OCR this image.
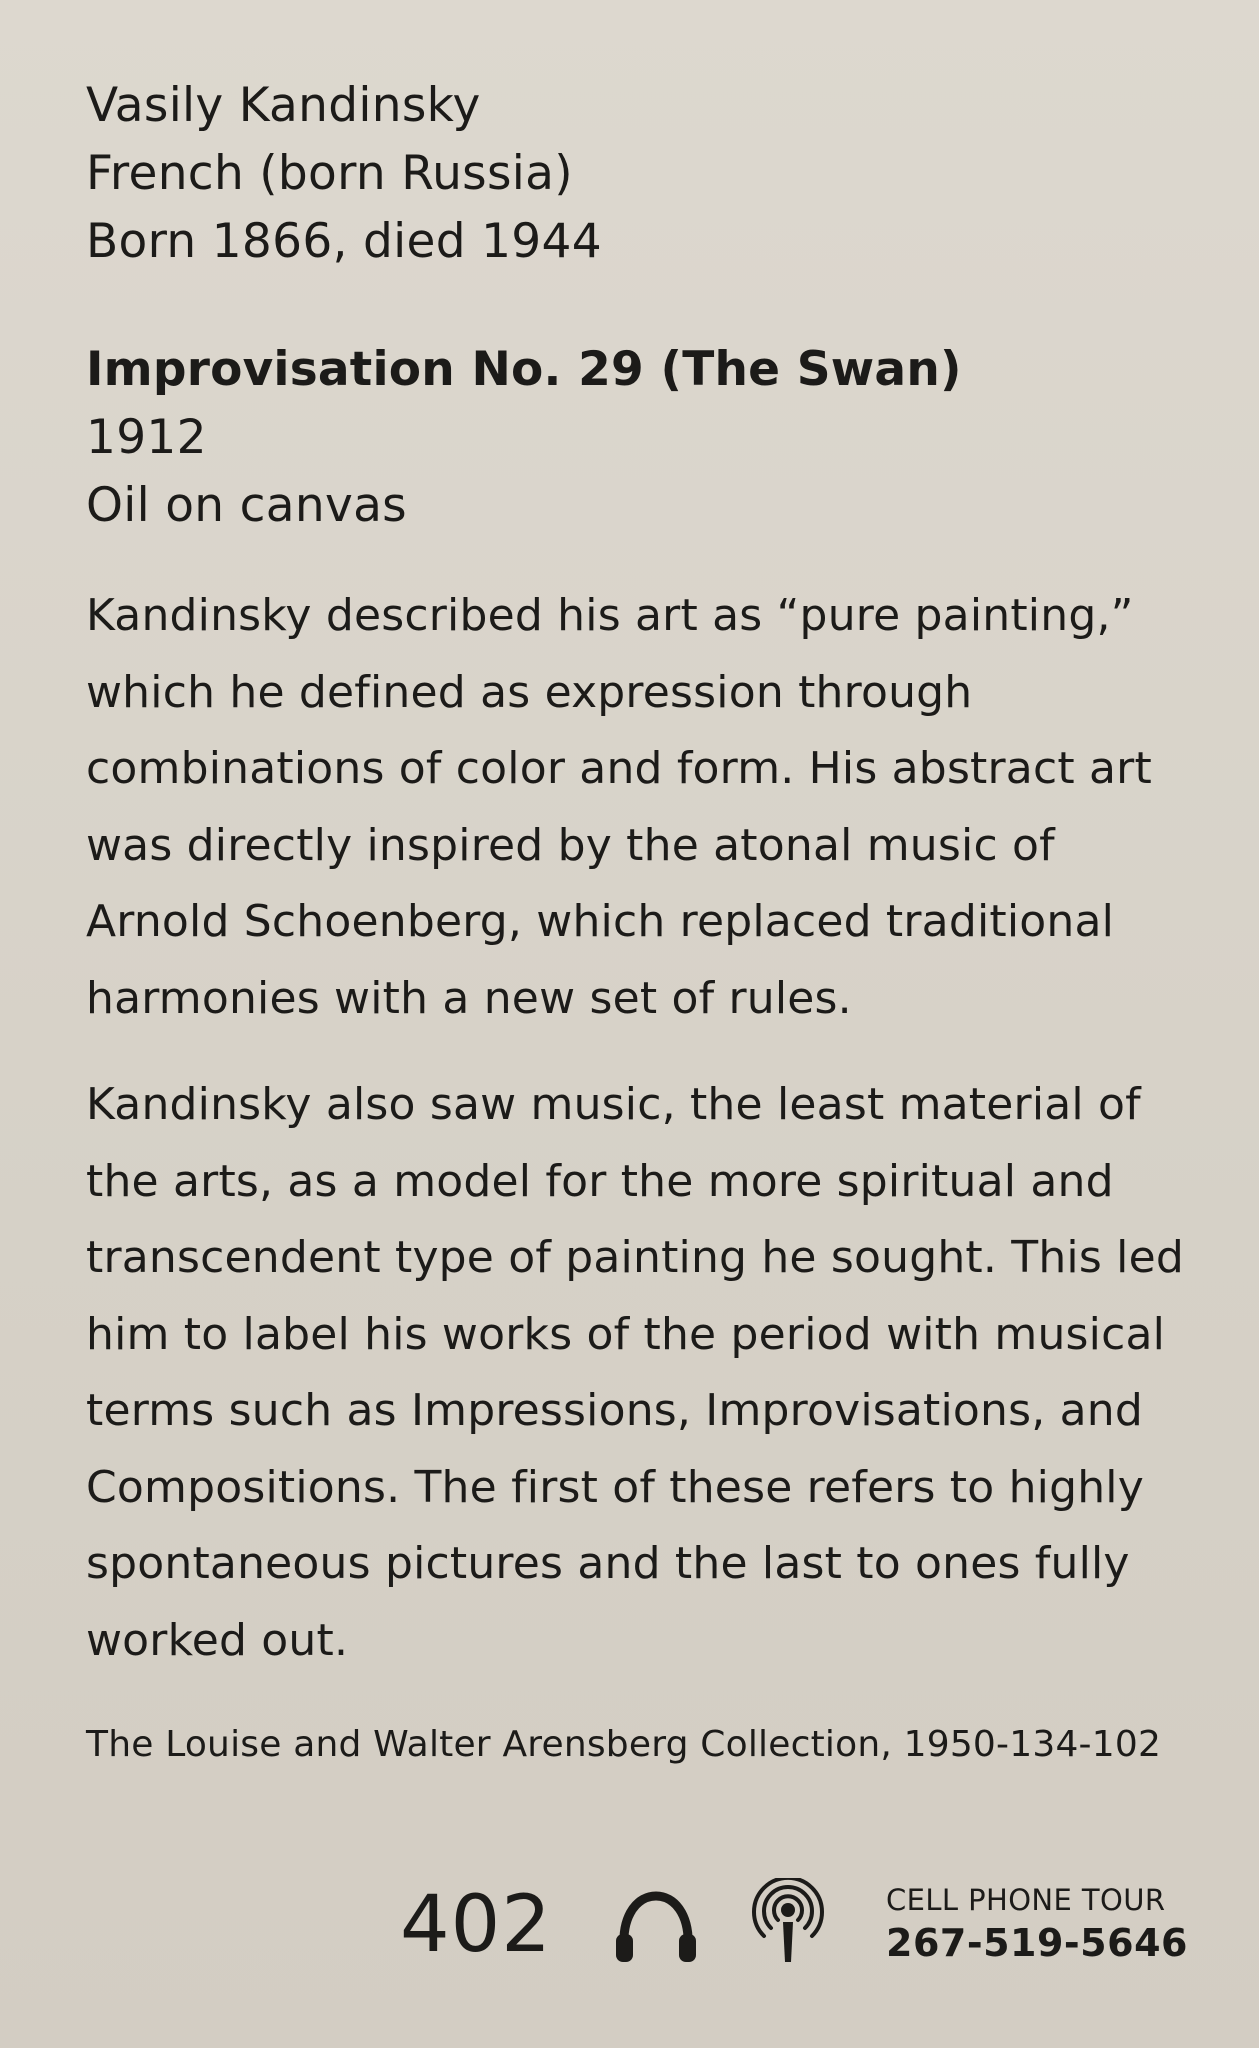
Vasily Kandinsky

French (born Russia)

Born 1866, died 1944

Improvisation No. 29 (The Swan)

1912

Oil on canvas

Kandinsky described his art as “pure painting,” which he defined as expression through combinations of color and form. His abstract art was directly inspired by the atonal music of Arnold Schoenberg, which replaced traditional harmonies with a new set of rules.

Kandinsky also saw music, the least material of the arts, as a model for the more spiritual and transcendent type of painting he sought. This led him to label his works of the period with musical terms such as Impressions, Improvisations, and Compositions. The first of these refers to highly spontaneous pictures and the last to ones fully worked out.

The Louise and Walter Arensberg Collection, 1950-134-102

402	CELL PHONE TOUR
267-519-5646
